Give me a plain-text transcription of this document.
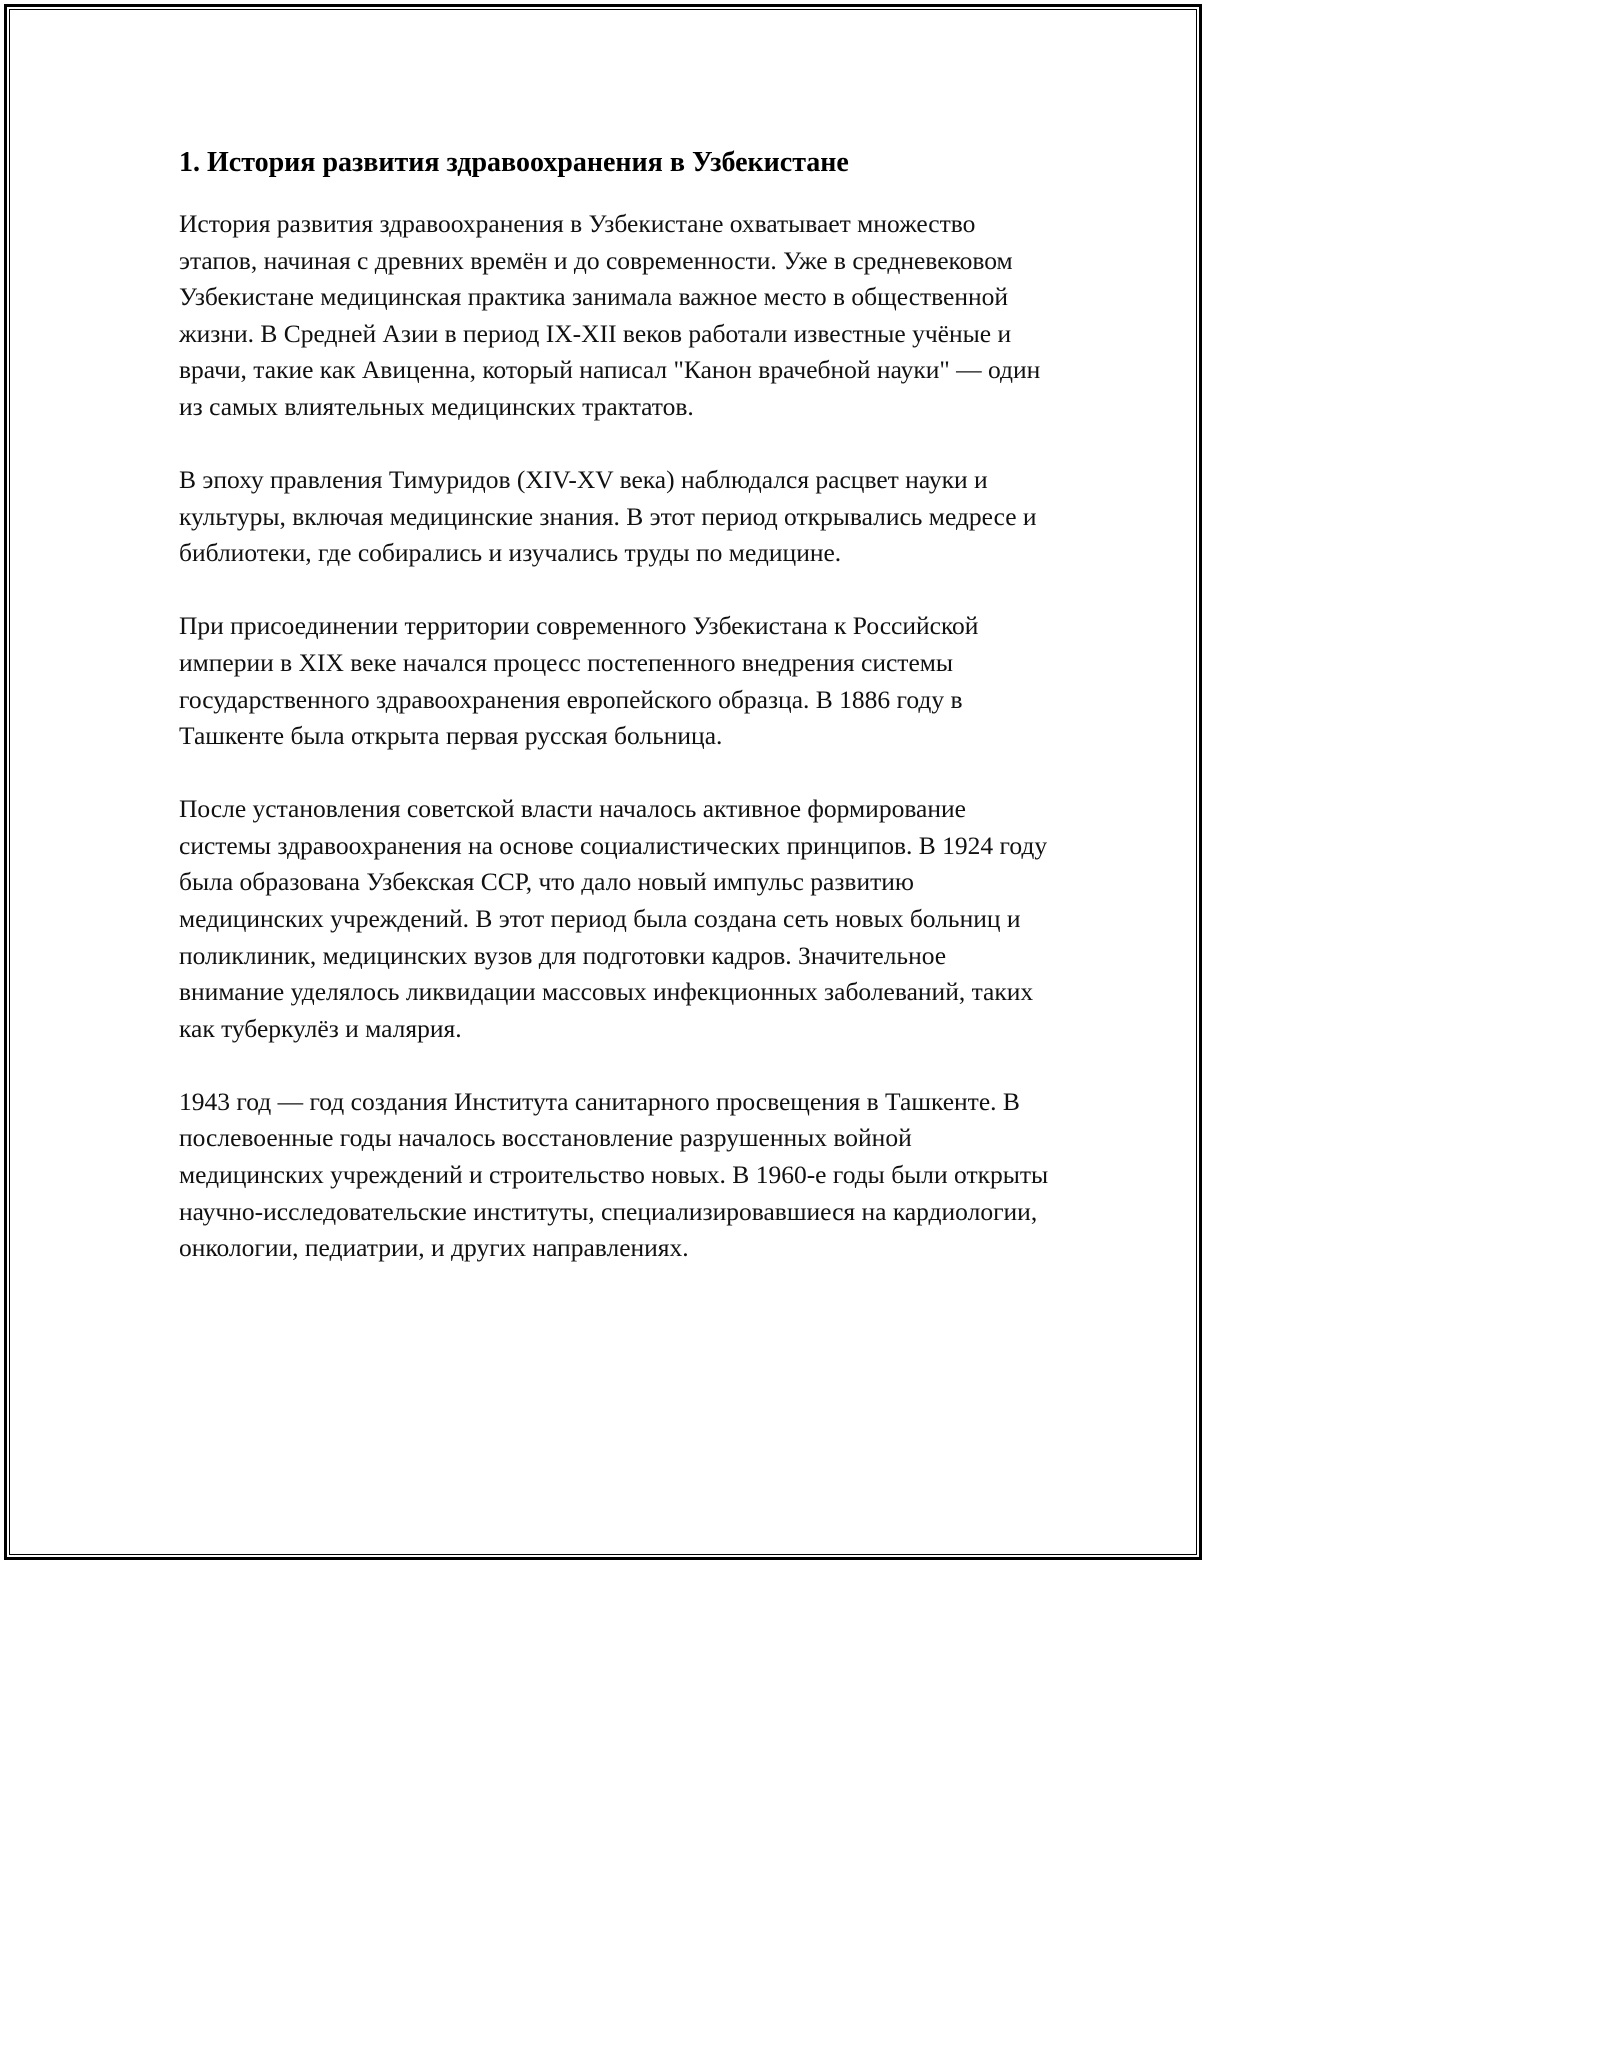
1. История развития здравоохранения в Узбекистане

История развития здравоохранения в Узбекистане охватывает множество этапов, начиная с древних времён и до современности. Уже в средневековом Узбекистане медицинская практика занимала важное место в общественной жизни. В Средней Азии в период IX-XII веков работали известные учёные и врачи, такие как Авиценна, который написал "Канон врачебной науки" — один из самых влиятельных медицинских трактатов.

В эпоху правления Тимуридов (XIV-XV века) наблюдался расцвет науки и культуры, включая медицинские знания. В этот период открывались медресе и библиотеки, где собирались и изучались труды по медицине.

При присоединении территории современного Узбекистана к Российской империи в XIX веке начался процесс постепенного внедрения системы государственного здравоохранения европейского образца. В 1886 году в Ташкенте была открыта первая русская больница.

После установления советской власти началось активное формирование системы здравоохранения на основе социалистических принципов. В 1924 году была образована Узбекская ССР, что дало новый импульс развитию медицинских учреждений. В этот период была создана сеть новых больниц и поликлиник, медицинских вузов для подготовки кадров. Значительное внимание уделялось ликвидации массовых инфекционных заболеваний, таких как туберкулёз и малярия.

1943 год — год создания Института санитарного просвещения в Ташкенте. В послевоенные годы началось восстановление разрушенных войной медицинских учреждений и строительство новых. В 1960-е годы были открыты научно-исследовательские институты, специализировавшиеся на кардиологии, онкологии, педиатрии, и других направлениях.
